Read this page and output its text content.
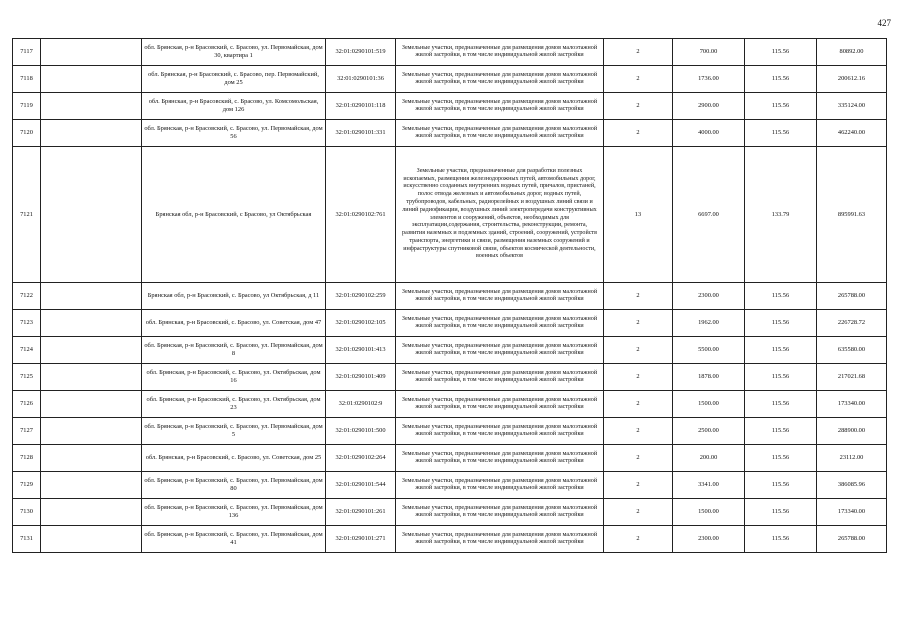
427
7117		обл. Брянская, р-н Брасовский, с. Брасово, ул. Первомайская, дом 30, квартира 1	32:01:0290101:519	Земельные участки, предназначенные для размещения домов малоэтажной жилой застройки, в том числе индивидуальной жилой застройки	2	700.00	115.56	80892.00
7118		обл. Брянская, р-н Брасовский, с. Брасово, пер. Первомайский, дом 25	32:01:0290101:36	Земельные участки, предназначенные для размещения домов малоэтажной жилой застройки, в том числе индивидуальной жилой застройки	2	1736.00	115.56	200612.16
7119		обл. Брянская, р-н Брасовский, с. Брасово, ул. Комсомольская, дом 126	32:01:0290101:118	Земельные участки, предназначенные для размещения домов малоэтажной жилой застройки, в том числе индивидуальной жилой застройки	2	2900.00	115.56	335124.00
7120		обл. Брянская, р-н Брасовский, с. Брасово, ул. Первомайская, дом 56	32:01:0290101:331	Земельные участки, предназначенные для размещения домов малоэтажной жилой застройки, в том числе индивидуальной жилой застройки	2	4000.00	115.56	462240.00
7121		Брянская обл, р-н Брасовский, с Брасово, ул Октябрьская	32:01:0290102:761	Земельные участки, предназначенные для разработки полезных ископаемых, размещения железнодорожных путей, автомобильных дорог, искусственно созданных внутренних водных путей, причалов, пристаней, полос отвода железных и автомобильных дорог, водных путей, трубопроводов, кабельных, радиорелейных и воздушных линий связи и линий радиофикации, воздушных линий электропередачи конструктивных элементов и сооружений, объектов, необходимых для эксплуатации,содержания, строительства, реконструкции, ремонта, развития наземных и подземных зданий, строений, сооружений, устройств транспорта, энергетики и связи, размещения наземных сооружений и инфраструктуры спутниковой связи, объектов космической деятельности, военных объектов	13	6697.00	133.79	895991.63
7122		Брянская обл, р-н Брасовский, с. Брасово, ул Октябрьская, д 11	32:01:0290102:259	Земельные участки, предназначенные для размещения домов малоэтажной жилой застройки, в том числе индивидуальной жилой застройки	2	2300.00	115.56	265788.00
7123		обл. Брянская, р-н Брасовский, с. Брасово, ул. Советская, дом 47	32:01:0290102:105	Земельные участки, предназначенные для размещения домов малоэтажной жилой застройки, в том числе индивидуальной жилой застройки	2	1962.00	115.56	226728.72
7124		обл. Брянская, р-н Брасовский, с. Брасово, ул. Первомайская, дом 8	32:01:0290101:413	Земельные участки, предназначенные для размещения домов малоэтажной жилой застройки, в том числе индивидуальной жилой застройки	2	5500.00	115.56	635580.00
7125		обл. Брянская, р-н Брасовский, с. Брасово, ул. Октябрьская, дом 16	32:01:0290101:409	Земельные участки, предназначенные для размещения домов малоэтажной жилой застройки, в том числе индивидуальной жилой застройки	2	1878.00	115.56	217021.68
7126		обл. Брянская, р-н Брасовский, с. Брасово, ул. Октябрьская, дом 23	32:01:0290102:9	Земельные участки, предназначенные для размещения домов малоэтажной жилой застройки, в том числе индивидуальной жилой застройки	2	1500.00	115.56	173340.00
7127		обл. Брянская, р-н Брасовский, с. Брасово, ул. Первомайская, дом 5	32:01:0290101:500	Земельные участки, предназначенные для размещения домов малоэтажной жилой застройки, в том числе индивидуальной жилой застройки	2	2500.00	115.56	288900.00
7128		обл. Брянская, р-н Брасовский, с. Брасово, ул. Советская, дом 25	32:01:0290102:264	Земельные участки, предназначенные для размещения домов малоэтажной жилой застройки, в том числе индивидуальной жилой застройки	2	200.00	115.56	23112.00
7129		обл. Брянская, р-н Брасовский, с. Брасово, ул. Первомайская, дом 80	32:01:0290101:544	Земельные участки, предназначенные для размещения домов малоэтажной жилой застройки, в том числе индивидуальной жилой застройки	2	3341.00	115.56	386085.96
7130		обл. Брянская, р-н Брасовский, с. Брасово, ул. Первомайская, дом 136	32:01:0290101:261	Земельные участки, предназначенные для размещения домов малоэтажной жилой застройки, в том числе индивидуальной жилой застройки	2	1500.00	115.56	173340.00
7131		обл. Брянская, р-н Брасовский, с. Брасово, ул. Первомайская, дом 41	32:01:0290101:271	Земельные участки, предназначенные для размещения домов малоэтажной жилой застройки, в том числе индивидуальной жилой застройки	2	2300.00	115.56	265788.00
